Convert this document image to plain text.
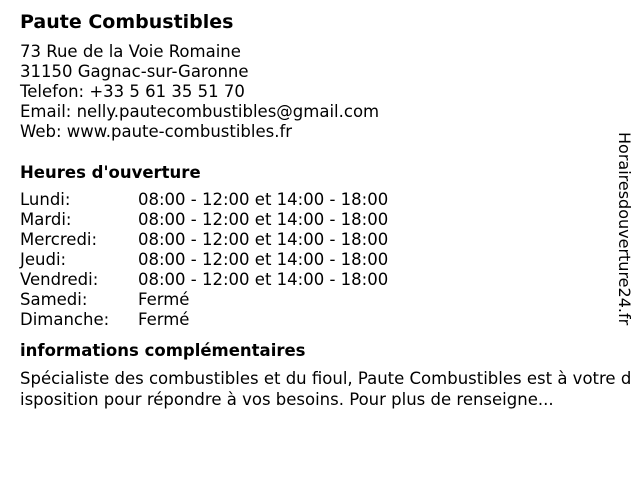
Paute Combustibles
73 Rue de la Voie Romaine
31150 Gagnac-sur-Garonne
Telefon: +33 5 61 35 51 70
Email: nelly.pautecombustibles@gmail.com
Web: www.paute-combustibles.fr
Heures d'ouverture
Lundi:	08:00 - 12:00 et 14:00 - 18:00
Mardi:	08:00 - 12:00 et 14:00 - 18:00
Mercredi:	08:00 - 12:00 et 14:00 - 18:00
Jeudi:	08:00 - 12:00 et 14:00 - 18:00
Vendredi:	08:00 - 12:00 et 14:00 - 18:00
Samedi:	Fermé
Dimanche:	Fermé
informations complémentaires
Spécialiste des combustibles et du fioul, Paute Combustibles est à votre disposition pour répondre à vos besoins. Pour plus de renseigne...
Horairesdouverture24.fr
